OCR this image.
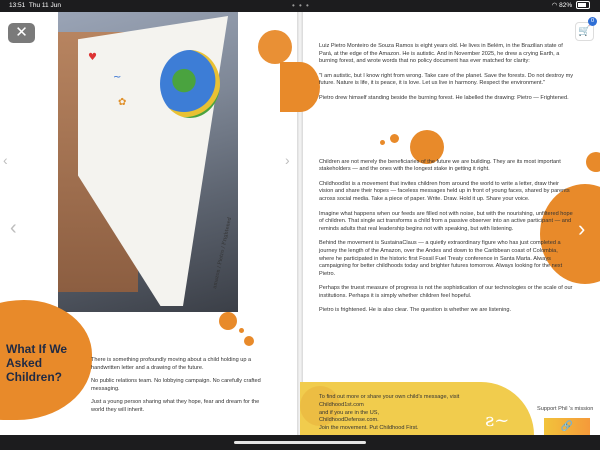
13:51 Thu 11 Jun	• • •	◠ 82%
♥
~
✿
amazon / Pietro / Frightened
What If We Asked Children?

There is something profoundly moving about a child holding up a handwritten letter and a drawing of the future.

No public relations team. No lobbying campaign. No carefully crafted messaging.

Just a young person sharing what they hope, fear and dream for the world they will inherit.

Luiz Pietro Monteiro de Souza Ramos is eight years old. He lives in Belém, in the Brazilian state of Pará, at the edge of the Amazon. He is autistic. And in November 2025, he drew a crying Earth, a burning forest, and wrote words that no policy document has ever matched for clarity:

"I am autistic, but I know right from wrong. Take care of the planet. Save the forests. Do not destroy my future. Nature is life, it is peace, it is love. Let us live in harmony. Respect the environment."

Pietro drew himself standing beside the burning forest. He labelled the drawing: Pietro — Frightened.

Children are not merely the beneficiaries of the future we are building. They are its most important stakeholders — and the ones with the longest stake in getting it right.

ChildhoodIst is a movement that invites children from around the world to write a letter, draw their vision and share their hopes — faceless messages held up in front of young faces, shared by parents across social media. Take a piece of paper. Write. Draw. Hold it up. Share your voice.

Imagine what happens when our feeds are filled not with noise, but with the nourishing, unfiltered hope of children. That single act transforms a child from a passive observer into an active participant — and reminds adults that real leadership begins not with speaking, but with listening.

Behind the movement is SustainaClaus — a quietly extraordinary figure who has just completed a journey the length of the Amazon, over the Andes and down to the Caribbean coast of Colombia, where he participated in the historic first Fossil Fuel Treaty conference in Santa Marta. Always campaigning for better childhoods today and brighter futures tomorrow. Always looking for the next Pietro.

Perhaps the truest measure of progress is not the sophistication of our technologies or the scale of our institutions. Perhaps it is simply whether children feel hopeful.

Pietro is frightened. He is also clear. The question is whether we are listening.

To find out more or share your own child's message, visit
Childhood1st.com
and if you are in the US,
ChildhoodDefense.com.
Join the movement. Put Childhood First.	ƨ~
✕	🛒
0
‹
‹
›
›
Support Phil 's mission
🔗
